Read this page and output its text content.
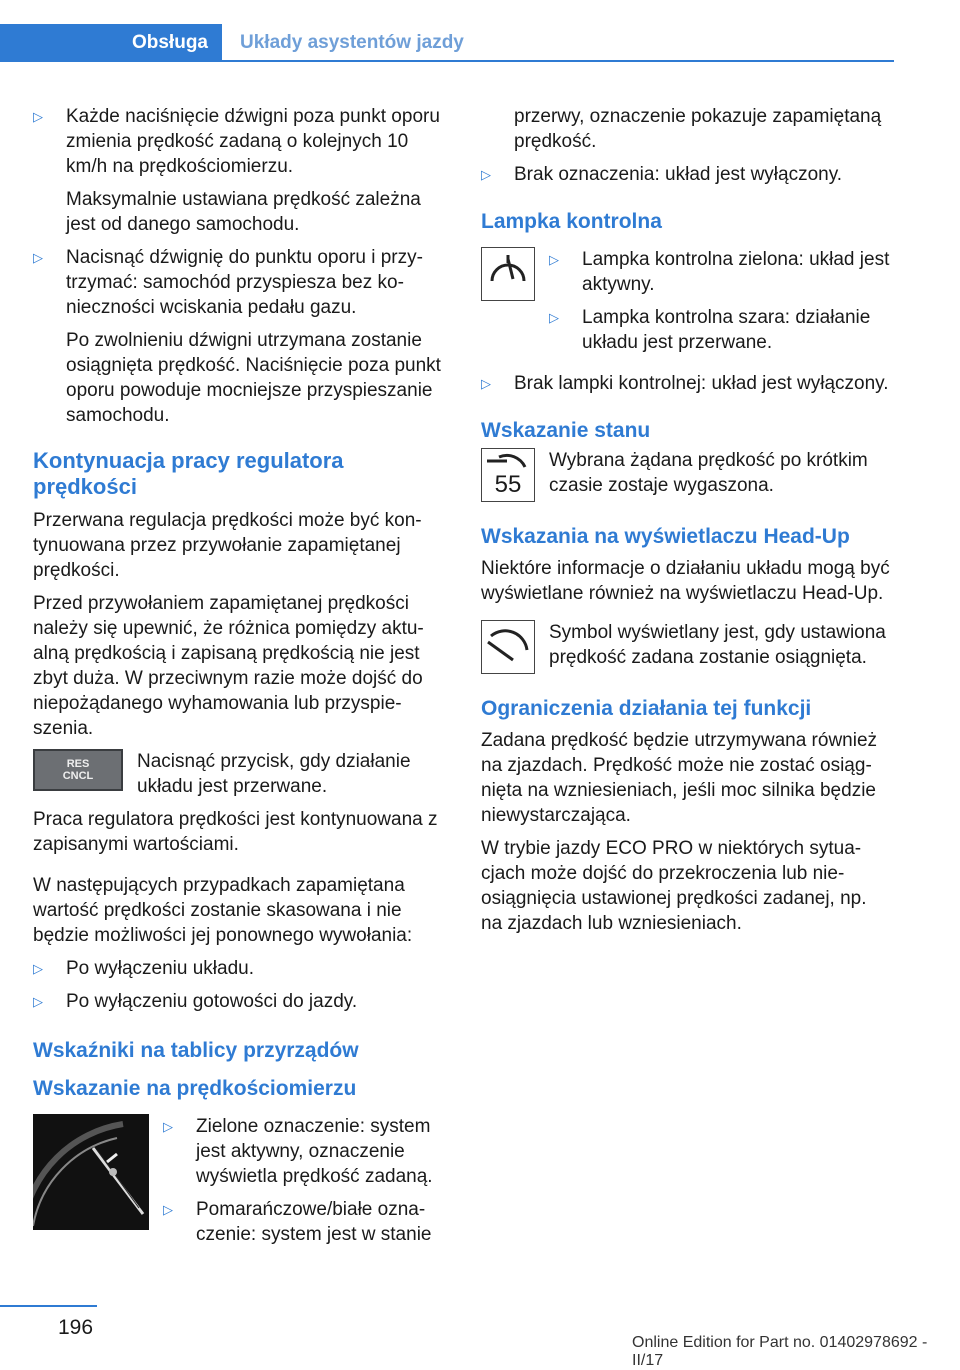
Obsługa	Układy asystentów jazdy
▷ Każde naciśnięcie dźwigni poza punkt oporu zmienia prędkość zadaną o kolejnych 10 km/h na prędkościomierzu.
Maksymalnie ustawiana prędkość zależna jest od danego samochodu.
▷ Nacisnąć dźwignię do punktu oporu i przytrzymać: samochód przyspiesza bez konieczności wciskania pedału gazu.
Po zwolnieniu dźwigni utrzymana zostanie osiągnięta prędkość. Naciśnięcie poza punkt oporu powoduje mocniejsze przyspieszanie samochodu.
Kontynuacja pracy regulatora prędkości

Przerwana regulacja prędkości może być kontynuowana przez przywołanie zapamiętanej prędkości.

Przed przywołaniem zapamiętanej prędkości należy się upewnić, że różnica pomiędzy aktualną prędkością i zapisaną prędkością nie jest zbyt duża. W przeciwnym razie może dojść do niepożądanego wyhamowania lub przyspieszenia.

RES
CNCL

Nacisnąć przycisk, gdy działanie układu jest przerwane.

Praca regulatora prędkości jest kontynuowana z zapisanymi wartościami.

W następujących przypadkach zapamiętana wartość prędkości zostanie skasowana i nie będzie możliwości jej ponownego wywołania:

▷ Po wyłączeniu układu.
▷ Po wyłączeniu gotowości do jazdy.
Wskaźniki na tablicy przyrządów
Wskazanie na prędkościomierzu
▷ Zielone oznaczenie: system jest aktywny, oznaczenie wyświetla prędkość zadaną.
▷ Pomarańczowe/białe oznaczenie: system jest w stanie

przerwy, oznaczenie pokazuje zapamiętaną prędkość.

▷ Brak oznaczenia: układ jest wyłączony.
Lampka kontrolna
▷ Lampka kontrolna zielona: układ jest aktywny.
▷ Lampka kontrolna szara: działanie układu jest przerwane.
▷ Brak lampki kontrolnej: układ jest wyłączony.
Wskazanie stanu
55

Wybrana żądana prędkość po krótkim czasie zostaje wygaszona.

Wskazania na wyświetlaczu Head-Up

Niektóre informacje o działaniu układu mogą być wyświetlane również na wyświetlaczu Head-Up.

Symbol wyświetlany jest, gdy ustawiona prędkość zadana zostanie osiągnięta.

Ograniczenia działania tej funkcji

Zadana prędkość będzie utrzymywana również na zjazdach. Prędkość może nie zostać osiągnięta na wzniesieniach, jeśli moc silnika będzie niewystarczająca.

W trybie jazdy ECO PRO w niektórych sytuacjach może dojść do przekroczenia lub nieosiągnięcia ustawionej prędkości zadanej, np. na zjazdach lub wzniesieniach.

196
Online Edition for Part no. 01402978692 - II/17
